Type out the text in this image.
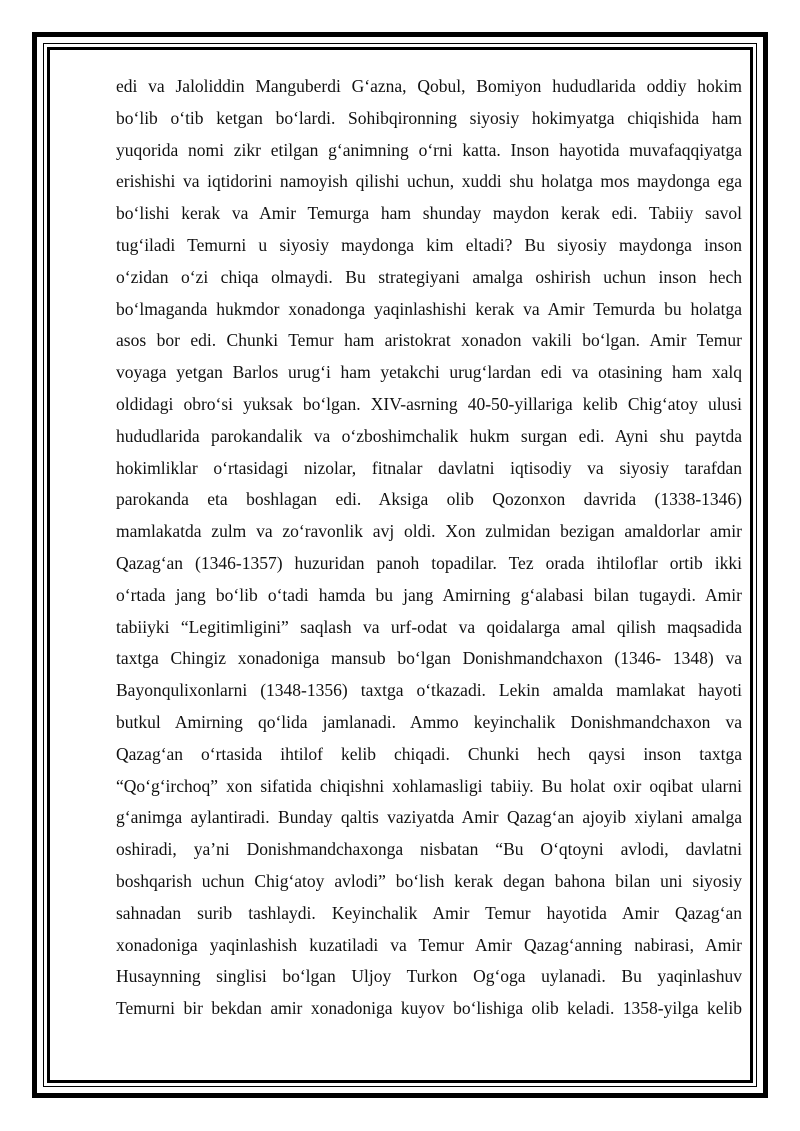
edi va Jaloliddin Manguberdi G‘azna, Qobul, Bomiyon hududlarida oddiy hokim
bo‘lib o‘tib ketgan bo‘lardi. Sohibqironning siyosiy hokimyatga chiqishida ham
yuqorida nomi zikr etilgan g‘animning o‘rni katta. Inson hayotida muvafaqqiyatga
erishishi va iqtidorini namoyish qilishi uchun, xuddi shu holatga mos maydonga ega
bo‘lishi kerak va Amir Temurga ham shunday maydon kerak edi. Tabiiy savol
tug‘iladi Temurni u siyosiy maydonga kim eltadi? Bu siyosiy maydonga inson
o‘zidan o‘zi chiqa olmaydi. Bu strategiyani amalga oshirish uchun inson hech
bo‘lmaganda hukmdor xonadonga yaqinlashishi kerak va Amir Temurda bu holatga
asos bor edi. Chunki Temur ham aristokrat xonadon vakili bo‘lgan. Amir Temur
voyaga yetgan Barlos urug‘i ham yetakchi urug‘lardan edi va otasining ham xalq
oldidagi obro‘si yuksak bo‘lgan. XIV-asrning 40-50-yillariga kelib Chig‘atoy ulusi
hududlarida parokandalik va o‘zboshimchalik hukm surgan edi. Ayni shu paytda
hokimliklar o‘rtasidagi nizolar, fitnalar davlatni iqtisodiy va siyosiy tarafdan
parokanda eta boshlagan edi. Aksiga olib Qozonxon davrida (1338-1346)
mamlakatda zulm va zo‘ravonlik avj oldi. Xon zulmidan bezigan amaldorlar amir
Qazag‘an (1346-1357) huzuridan panoh topadilar. Tez orada ihtiloflar ortib ikki
o‘rtada jang bo‘lib o‘tadi hamda bu jang Amirning g‘alabasi bilan tugaydi. Amir
tabiiyki “Legitimligini” saqlash va urf-odat va qoidalarga amal qilish maqsadida
taxtga Chingiz xonadoniga mansub bo‘lgan Donishmandchaxon (1346- 1348) va
Bayonqulixonlarni (1348-1356) taxtga o‘tkazadi. Lekin amalda mamlakat hayoti
butkul Amirning qo‘lida jamlanadi. Ammo keyinchalik Donishmandchaxon va
Qazag‘an o‘rtasida ihtilof kelib chiqadi. Chunki hech qaysi inson taxtga
“Qo‘g‘irchoq” xon sifatida chiqishni xohlamasligi tabiiy. Bu holat oxir oqibat ularni
g‘animga aylantiradi. Bunday qaltis vaziyatda Amir Qazag‘an ajoyib xiylani amalga
oshiradi, ya’ni Donishmandchaxonga nisbatan “Bu O‘qtoyni avlodi, davlatni
boshqarish uchun Chig‘atoy avlodi” bo‘lish kerak degan bahona bilan uni siyosiy
sahnadan surib tashlaydi. Keyinchalik Amir Temur hayotida Amir Qazag‘an
xonadoniga yaqinlashish kuzatiladi va Temur Amir Qazag‘anning nabirasi, Amir
Husaynning singlisi bo‘lgan Uljoy Turkon Og‘oga uylanadi. Bu yaqinlashuv
Temurni bir bekdan amir xonadoniga kuyov bo‘lishiga olib keladi. 1358-yilga kelib
